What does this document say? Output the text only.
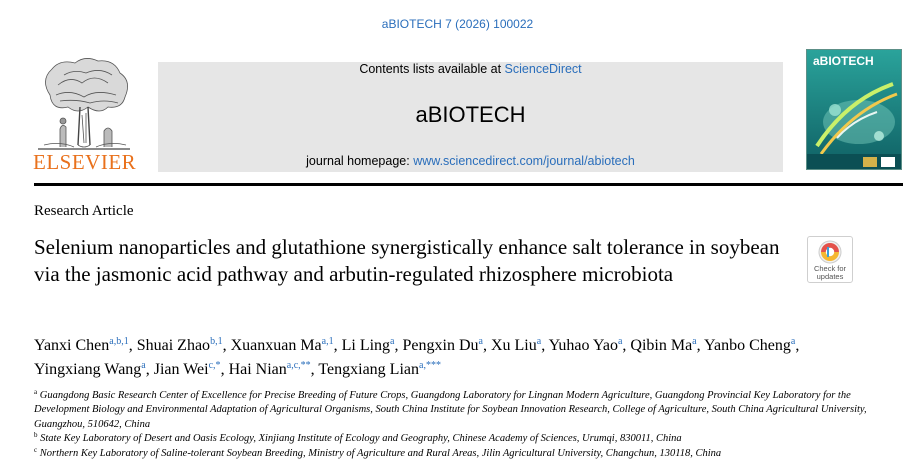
aBIOTECH 7 (2026) 100022
ELSEVIER
Contents lists available at ScienceDirect
aBIOTECH
journal homepage: www.sciencedirect.com/journal/abiotech
aBIOTECH
Research Article
Selenium nanoparticles and glutathione synergistically enhance salt tolerance in soybean via the jasmonic acid pathway and arbutin-regulated rhizosphere microbiota	Check for
updates
Yanxi Chen$^{a,b,1}$, Shuai Zhao$^{b,1}$, Xuanxuan Ma$^{a,1}$, Li Ling$^a$, Pengxin Du$^a$, Xu Liu$^a$, Yuhao Yao$^a$, Qibin Ma$^a$, Yanbo Cheng$^a$, Yingxiang Wang$^a$, Jian Wei$^{c,*}$, Hai Nian$^{a,c,**}$, Tengxiang Lian$^{a,***}$
$^a$ Guangdong Basic Research Center of Excellence for Precise Breeding of Future Crops, Guangdong Laboratory for Lingnan Modern Agriculture, Guangdong Provincial Key Laboratory for the Development Biology and Environmental Adaptation of Agricultural Organisms, South China Institute for Soybean Innovation Research, College of Agriculture, South China Agricultural University, Guangzhou, 510642, China
$^b$ State Key Laboratory of Desert and Oasis Ecology, Xinjiang Institute of Ecology and Geography, Chinese Academy of Sciences, Urumqi, 830011, China
$^c$ Northern Key Laboratory of Saline-tolerant Soybean Breeding, Ministry of Agriculture and Rural Areas, Jilin Agricultural University, Changchun, 130118, China
